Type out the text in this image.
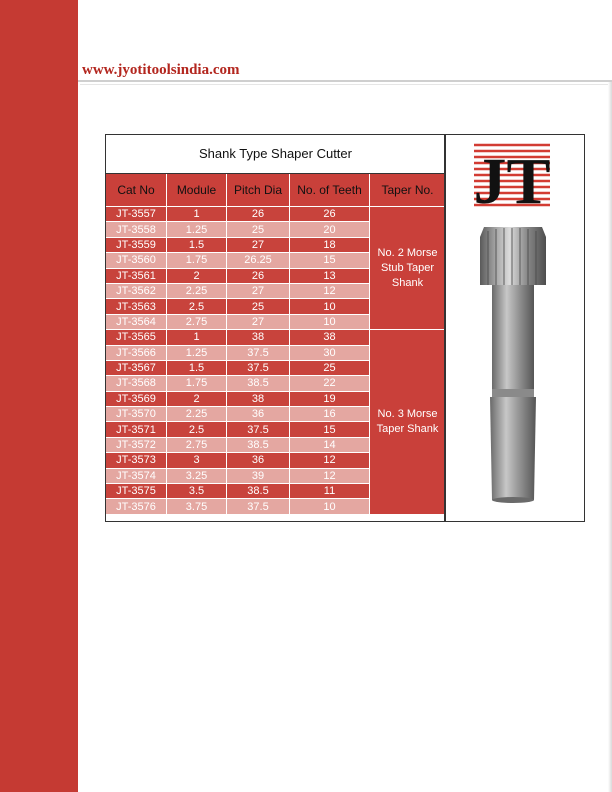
www.jyotitoolsindia.com
Shank Type Shaper Cutter				
Cat No	Module	Pitch Dia	No. of Teeth	Taper No.
JT-3557	1	26	26	No. 2 Morse Stub Taper Shank
JT-3558	1.25	25	20	
JT-3559	1.5	27	18	
JT-3560	1.75	26.25	15	
JT-3561	2	26	13	
JT-3562	2.25	27	12	
JT-3563	2.5	25	10	
JT-3564	2.75	27	10	
JT-3565	1	38	38	No. 3 Morse Taper Shank
JT-3566	1.25	37.5	30	
JT-3567	1.5	37.5	25	
JT-3568	1.75	38.5	22	
JT-3569	2	38	19	
JT-3570	2.25	36	16	
JT-3571	2.5	37.5	15	
JT-3572	2.75	38.5	14	
JT-3573	3	36	12	
JT-3574	3.25	39	12	
JT-3575	3.5	38.5	11	
JT-3576	3.75	37.5	10	
JT
